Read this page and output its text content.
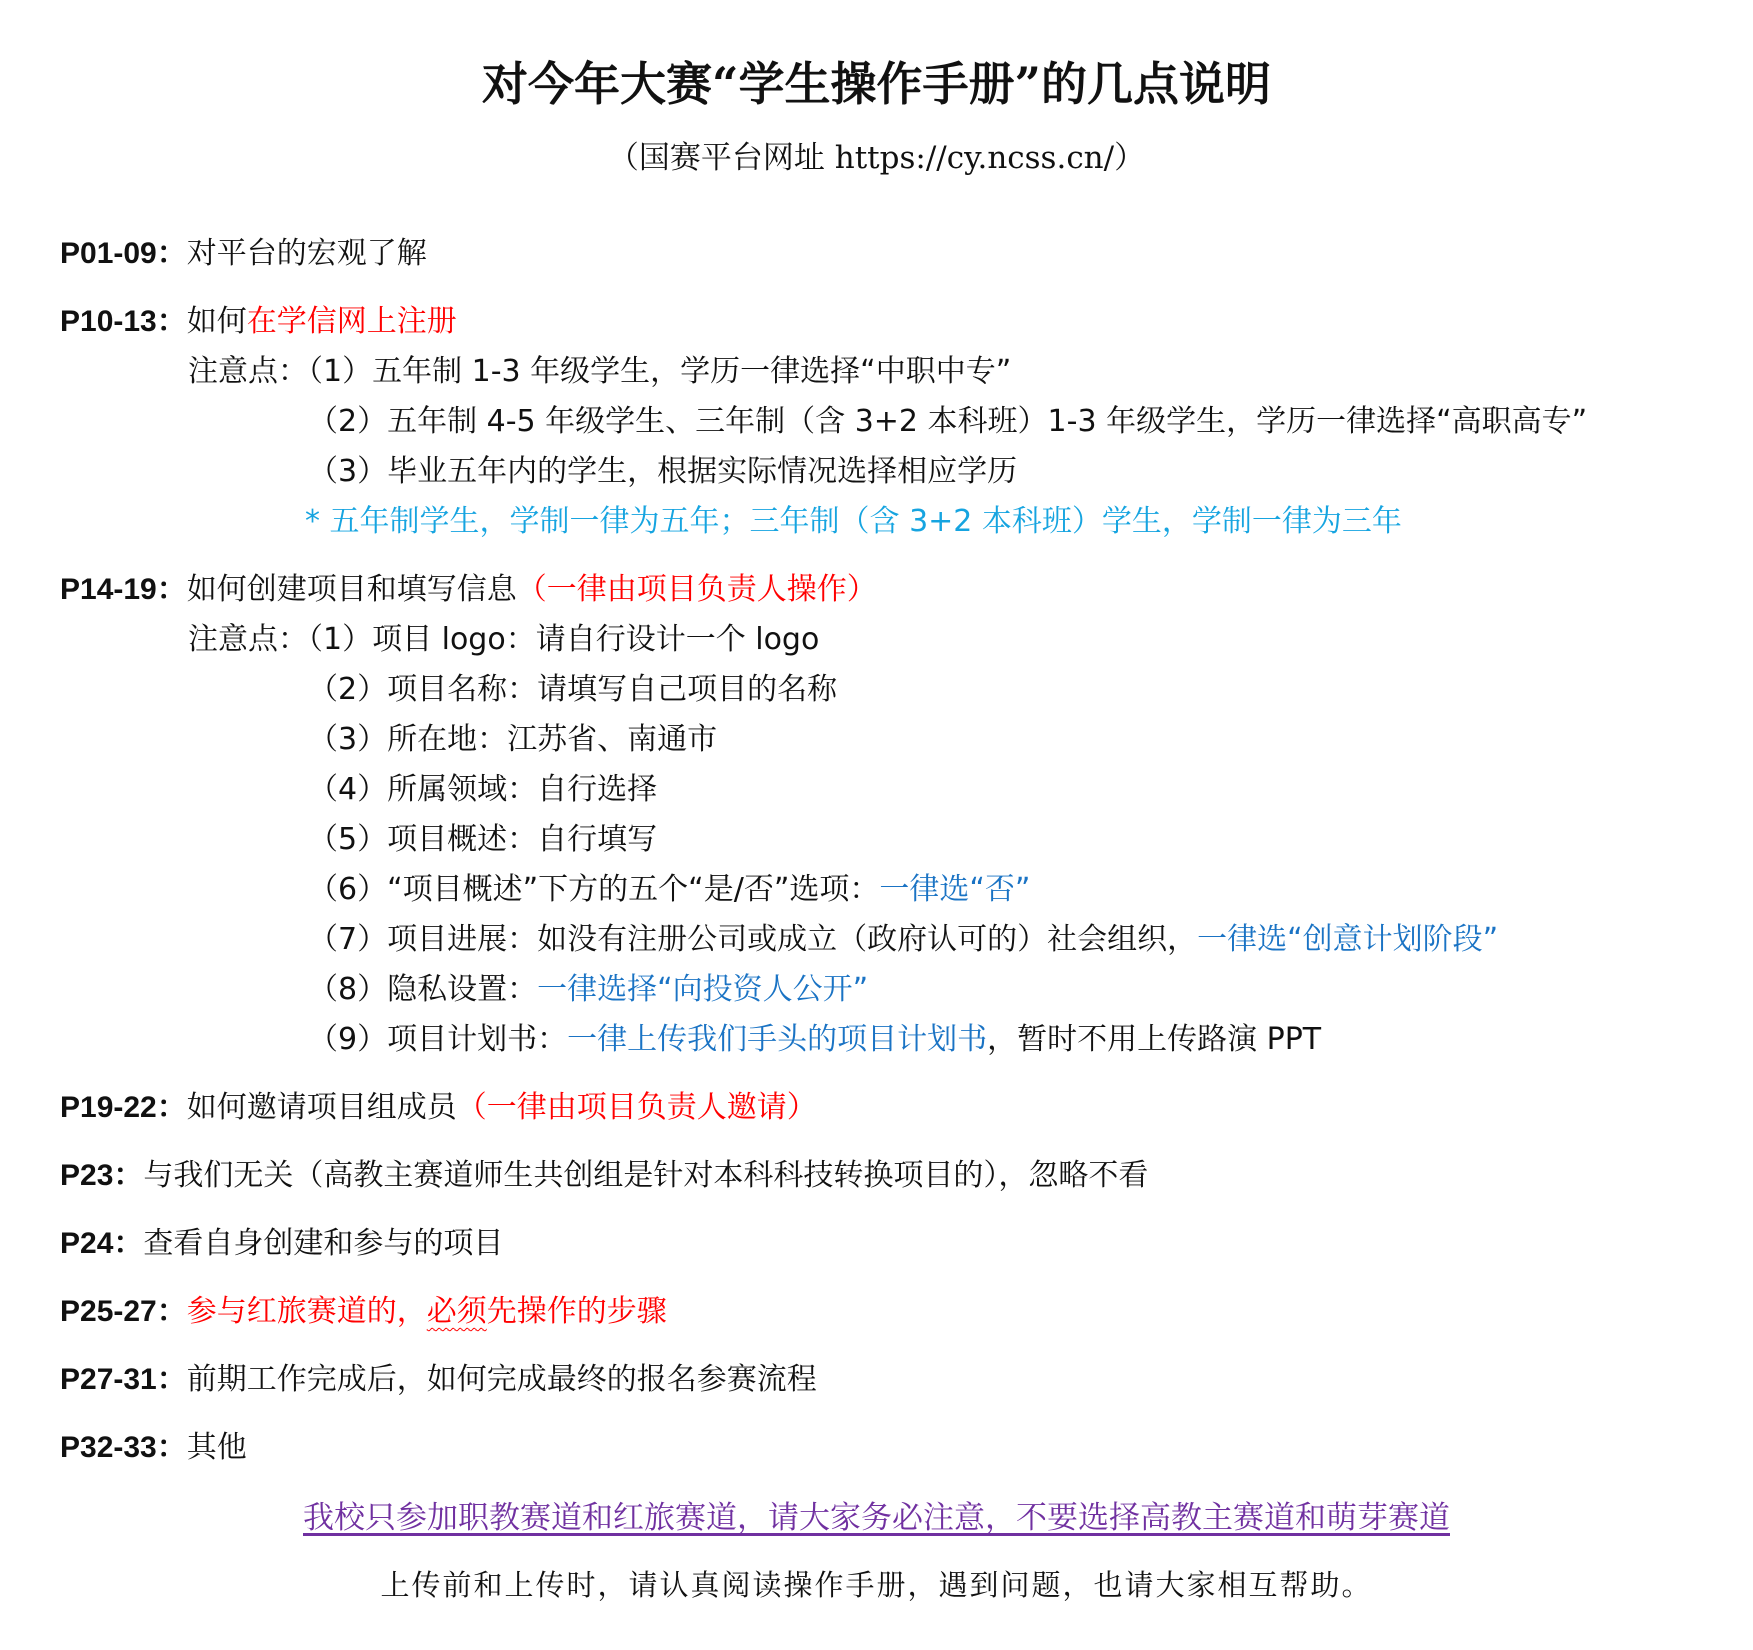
对今年大赛“学生操作手册”的几点说明
（国赛平台网址 https://cy.ncss.cn/）
P01-09：对平台的宏观了解
P10-13：如何在学信网上注册
注意点：（1）五年制 1-3 年级学生，学历一律选择“中职中专”
（2）五年制 4-5 年级学生、三年制（含 3+2 本科班）1-3 年级学生，学历一律选择“高职高专”
（3）毕业五年内的学生，根据实际情况选择相应学历
* 五年制学生，学制一律为五年；三年制（含 3+2 本科班）学生，学制一律为三年
P14-19：如何创建项目和填写信息（一律由项目负责人操作）
注意点：（1）项目 logo：请自行设计一个 logo
（2）项目名称：请填写自己项目的名称
（3）所在地：江苏省、南通市
（4）所属领域：自行选择
（5）项目概述：自行填写
（6）“项目概述”下方的五个“是/否”选项：一律选“否”
（7）项目进展：如没有注册公司或成立（政府认可的）社会组织，一律选“创意计划阶段”
（8）隐私设置：一律选择“向投资人公开”
（9）项目计划书：一律上传我们手头的项目计划书，暂时不用上传路演 PPT
P19-22：如何邀请项目组成员（一律由项目负责人邀请）
P23：与我们无关（高教主赛道师生共创组是针对本科科技转换项目的），忽略不看
P24：查看自身创建和参与的项目
P25-27：参与红旅赛道的，必须先操作的步骤
P27-31：前期工作完成后，如何完成最终的报名参赛流程
P32-33：其他
我校只参加职教赛道和红旅赛道，请大家务必注意，不要选择高教主赛道和萌芽赛道
上传前和上传时，请认真阅读操作手册，遇到问题，也请大家相互帮助。
